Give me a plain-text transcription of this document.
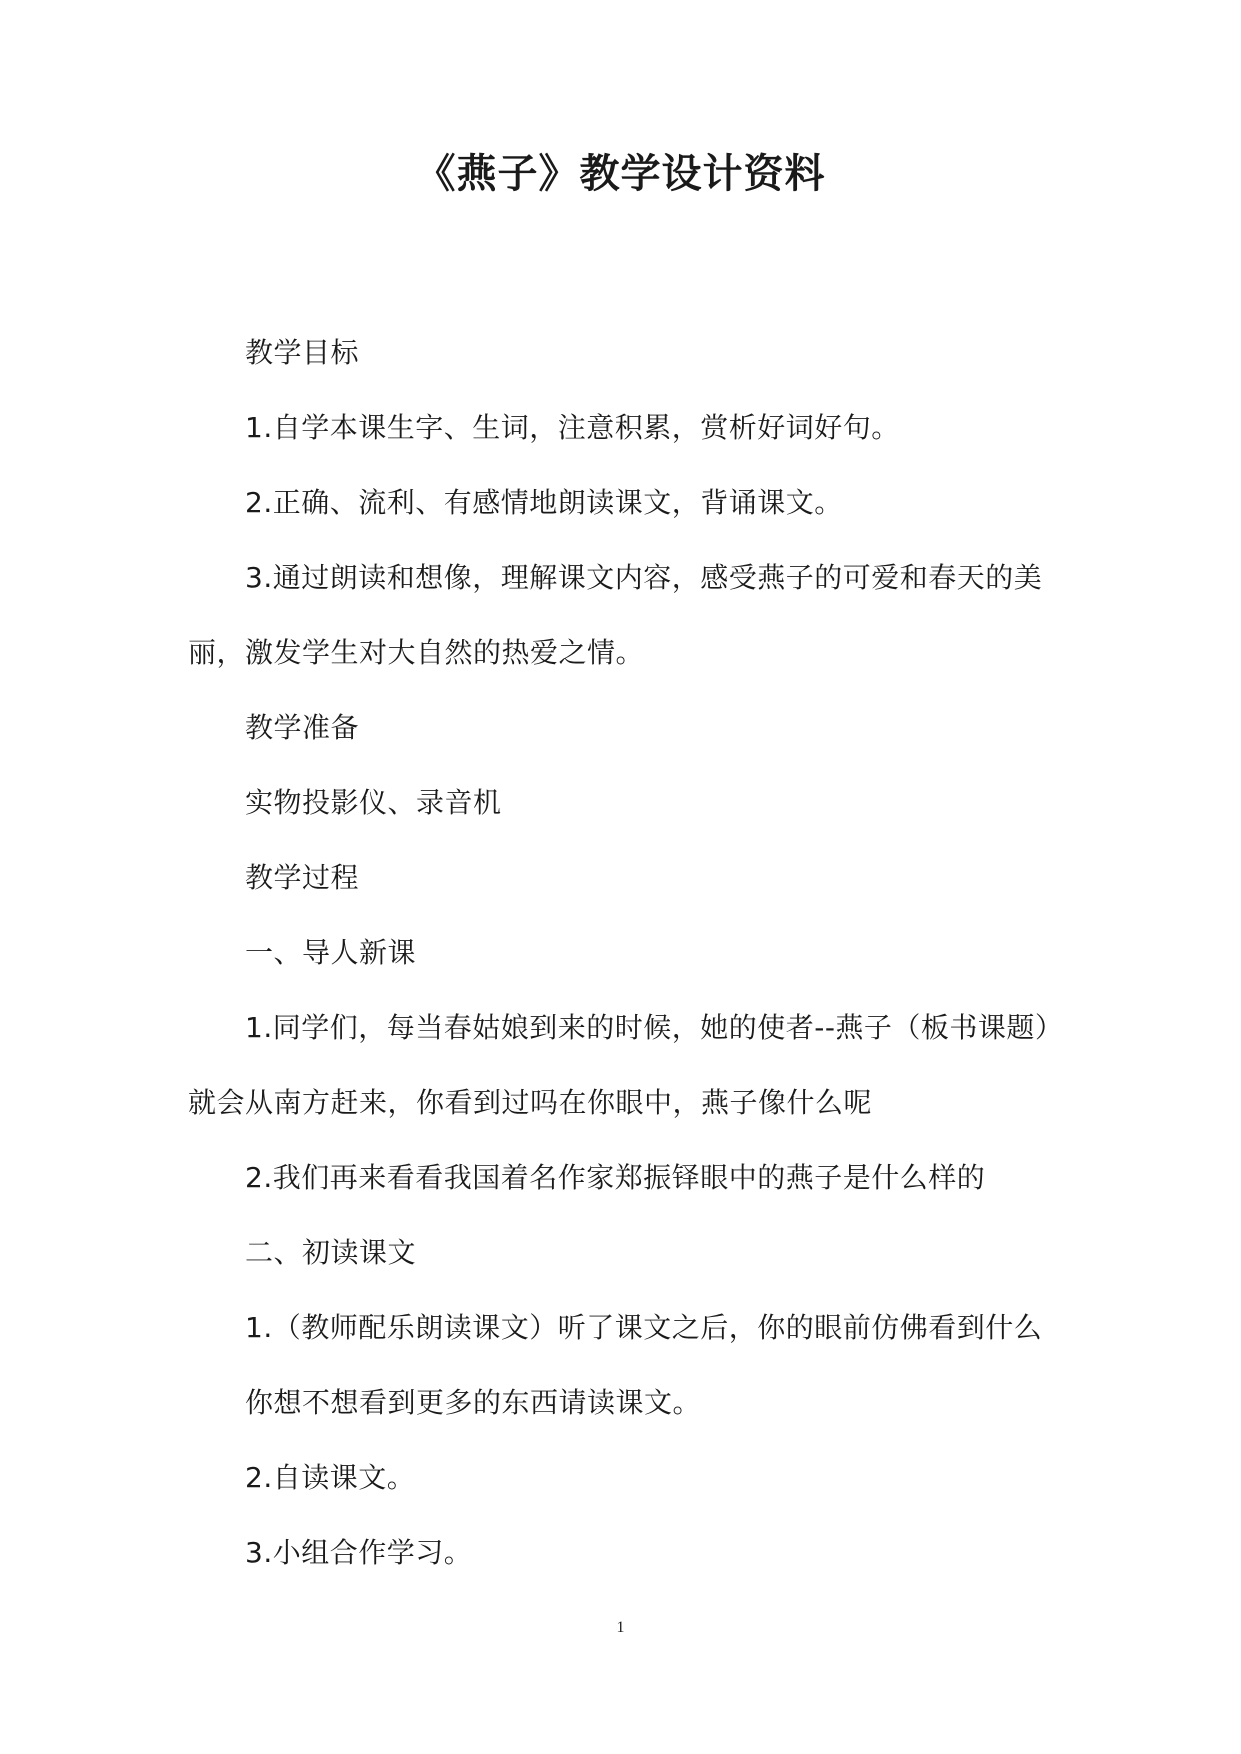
《燕子》教学设计资料
教学目标
1.自学本课生字、生词，注意积累，赏析好词好句。
2.正确、流利、有感情地朗读课文，背诵课文。
3.通过朗读和想像，理解课文内容，感受燕子的可爱和春天的美
丽，激发学生对大自然的热爱之情。
教学准备
实物投影仪、录音机
教学过程
一、导人新课
1.同学们，每当春姑娘到来的时候，她的使者--燕子（板书课题）
就会从南方赶来，你看到过吗在你眼中，燕子像什么呢
2.我们再来看看我国着名作家郑振铎眼中的燕子是什么样的
二、初读课文
1.（教师配乐朗读课文）听了课文之后，你的眼前仿佛看到什么
你想不想看到更多的东西请读课文。
2.自读课文。
3.小组合作学习。
1
